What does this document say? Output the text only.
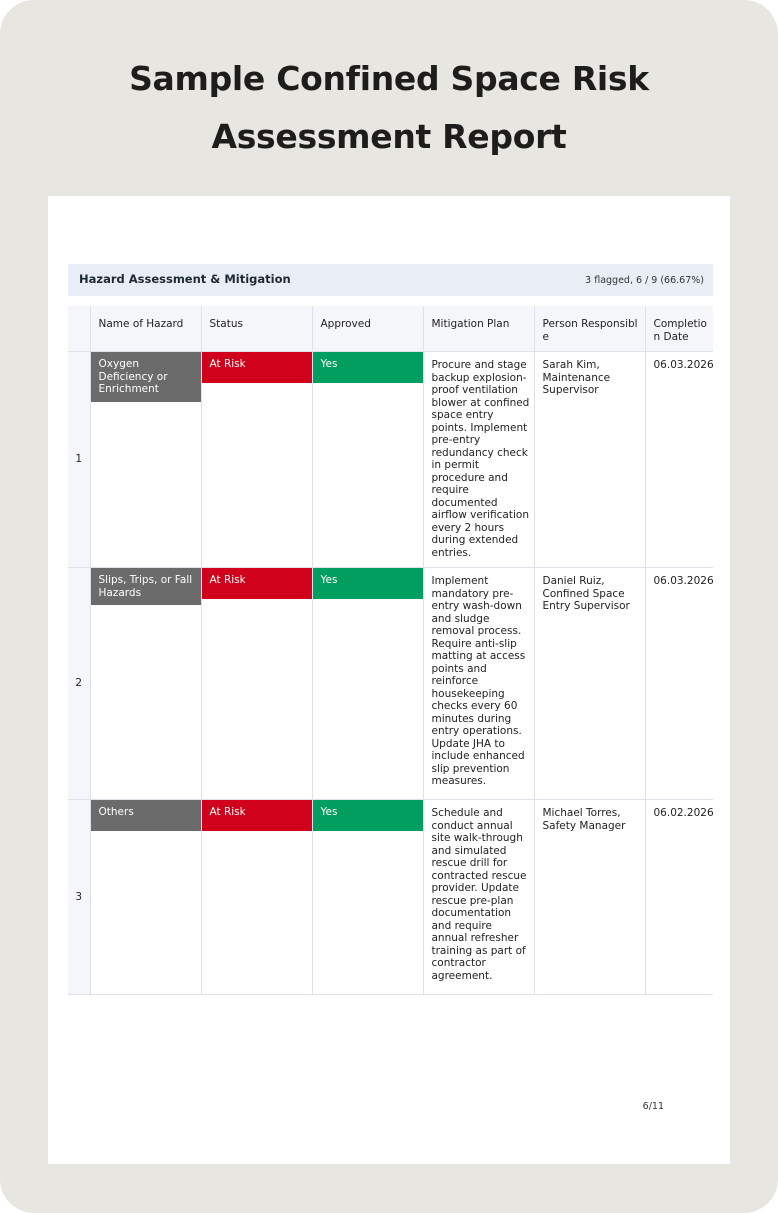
Sample Confined Space Risk
Assessment Report
Hazard Assessment & Mitigation	3 flagged, 6 / 9 (66.67%)
	Name of Hazard	Status	Approved	Mitigation Plan	Person Responsible	Completion Date
1	Oxygen Deficiency or Enrichment	At Risk	Yes	Procure and stage backup explosion-proof ventilation blower at confined space entry points. Implement pre-entry redundancy check in permit procedure and require documented airflow verification every 2 hours during extended entries.	Sarah Kim, Maintenance Supervisor	06.03.2026

2	Slips, Trips, or Fall Hazards	At Risk	Yes	Implement mandatory pre-entry wash-down and sludge removal process. Require anti-slip matting at access points and reinforce housekeeping checks every 60 minutes during entry operations. Update JHA to include enhanced slip prevention measures.	Daniel Ruiz, Confined Space Entry Supervisor	06.03.2026

3	Others	At Risk	Yes	Schedule and conduct annual site walk-through and simulated rescue drill for contracted rescue provider. Update rescue pre-plan documentation and require annual refresher training as part of contractor agreement.	Michael Torres, Safety Manager	06.02.2026
6/11
